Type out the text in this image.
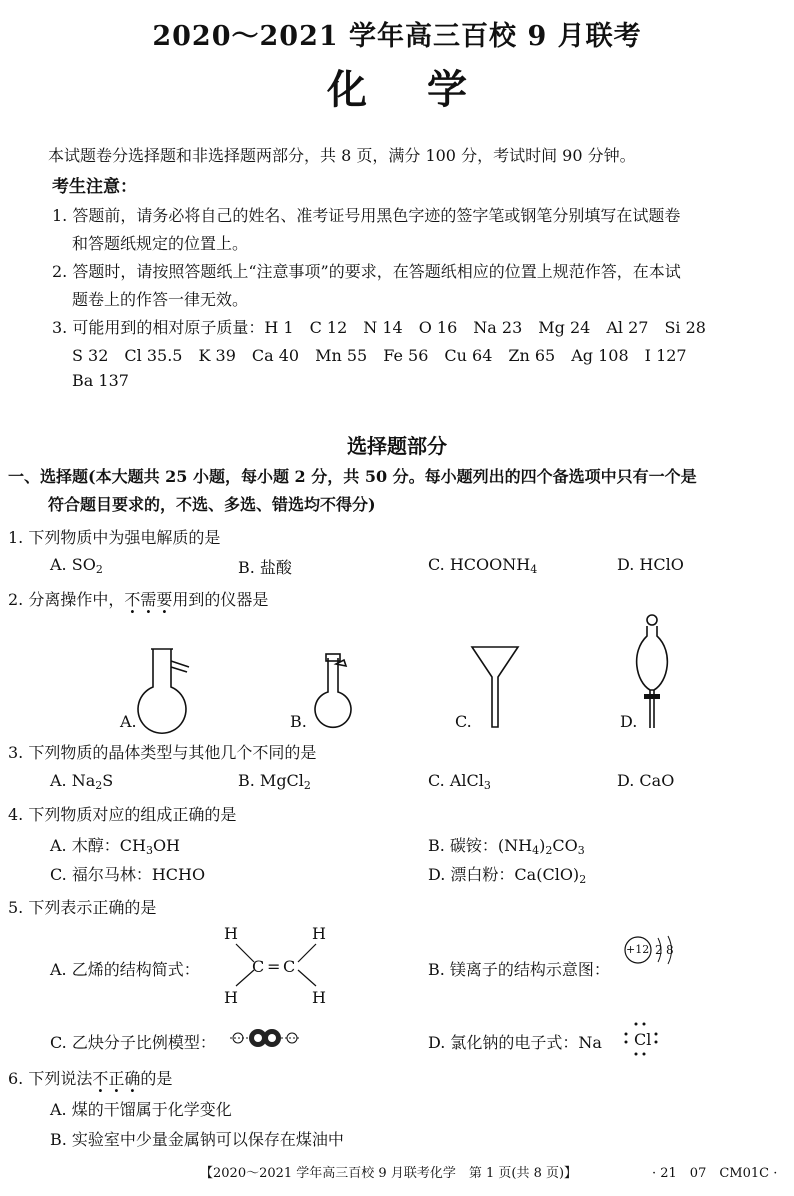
2020～2021 学年高三百校 9 月联考
化学
本试题卷分选择题和非选择题两部分，共 8 页，满分 100 分，考试时间 90 分钟。
考生注意：
1. 答题前，请务必将自己的姓名、准考证号用黑色字迹的签字笔或钢笔分别填写在试题卷
和答题纸规定的位置上。
2. 答题时，请按照答题纸上“注意事项”的要求，在答题纸相应的位置上规范作答，在本试
题卷上的作答一律无效。
3. 可能用到的相对原子质量：H 1　C 12　N 14　O 16　Na 23　Mg 24　Al 27　Si 28
S 32　Cl 35.5　K 39　Ca 40　Mn 55　Fe 56　Cu 64　Zn 65　Ag 108　I 127
Ba 137
选择题部分
一、选择题(本大题共 25 小题，每小题 2 分，共 50 分。每小题列出的四个备选项中只有一个是
符合题目要求的，不选、多选、错选均不得分)
1. 下列物质中为强电解质的是
A. $SO_2$	B. 盐酸	C. $HCOONH_4$	D. HClO
2. 分离操作中，不需要用到的仪器是
A.	B.	C.	D.
3. 下列物质的晶体类型与其他几个不同的是
A. $Na_2S$	B. MgCl$_2$	C. AlCl$_3$	D. CaO
4. 下列物质对应的组成正确的是
A. 木醇：$CH_3OH$	B. 碳铵：$(NH_4)_2CO_3$
C. 福尔马林：HCHO	D. 漂白粉：$Ca(ClO)_2$
5. 下列表示正确的是
A. 乙烯的结构简式：
H	H
C = C
H	H
B. 镁离子的结构示意图：
+12 2 8
C. 乙炔分子比例模型：	D. 氯化钠的电子式：Na Cl
6. 下列说法不正确的是
A. 煤的干馏属于化学变化
B. 实验室中少量金属钠可以保存在煤油中
【2020～2021 学年高三百校 9 月联考化学　第 1 页(共 8 页)】	· 21　07　CM01C ·
